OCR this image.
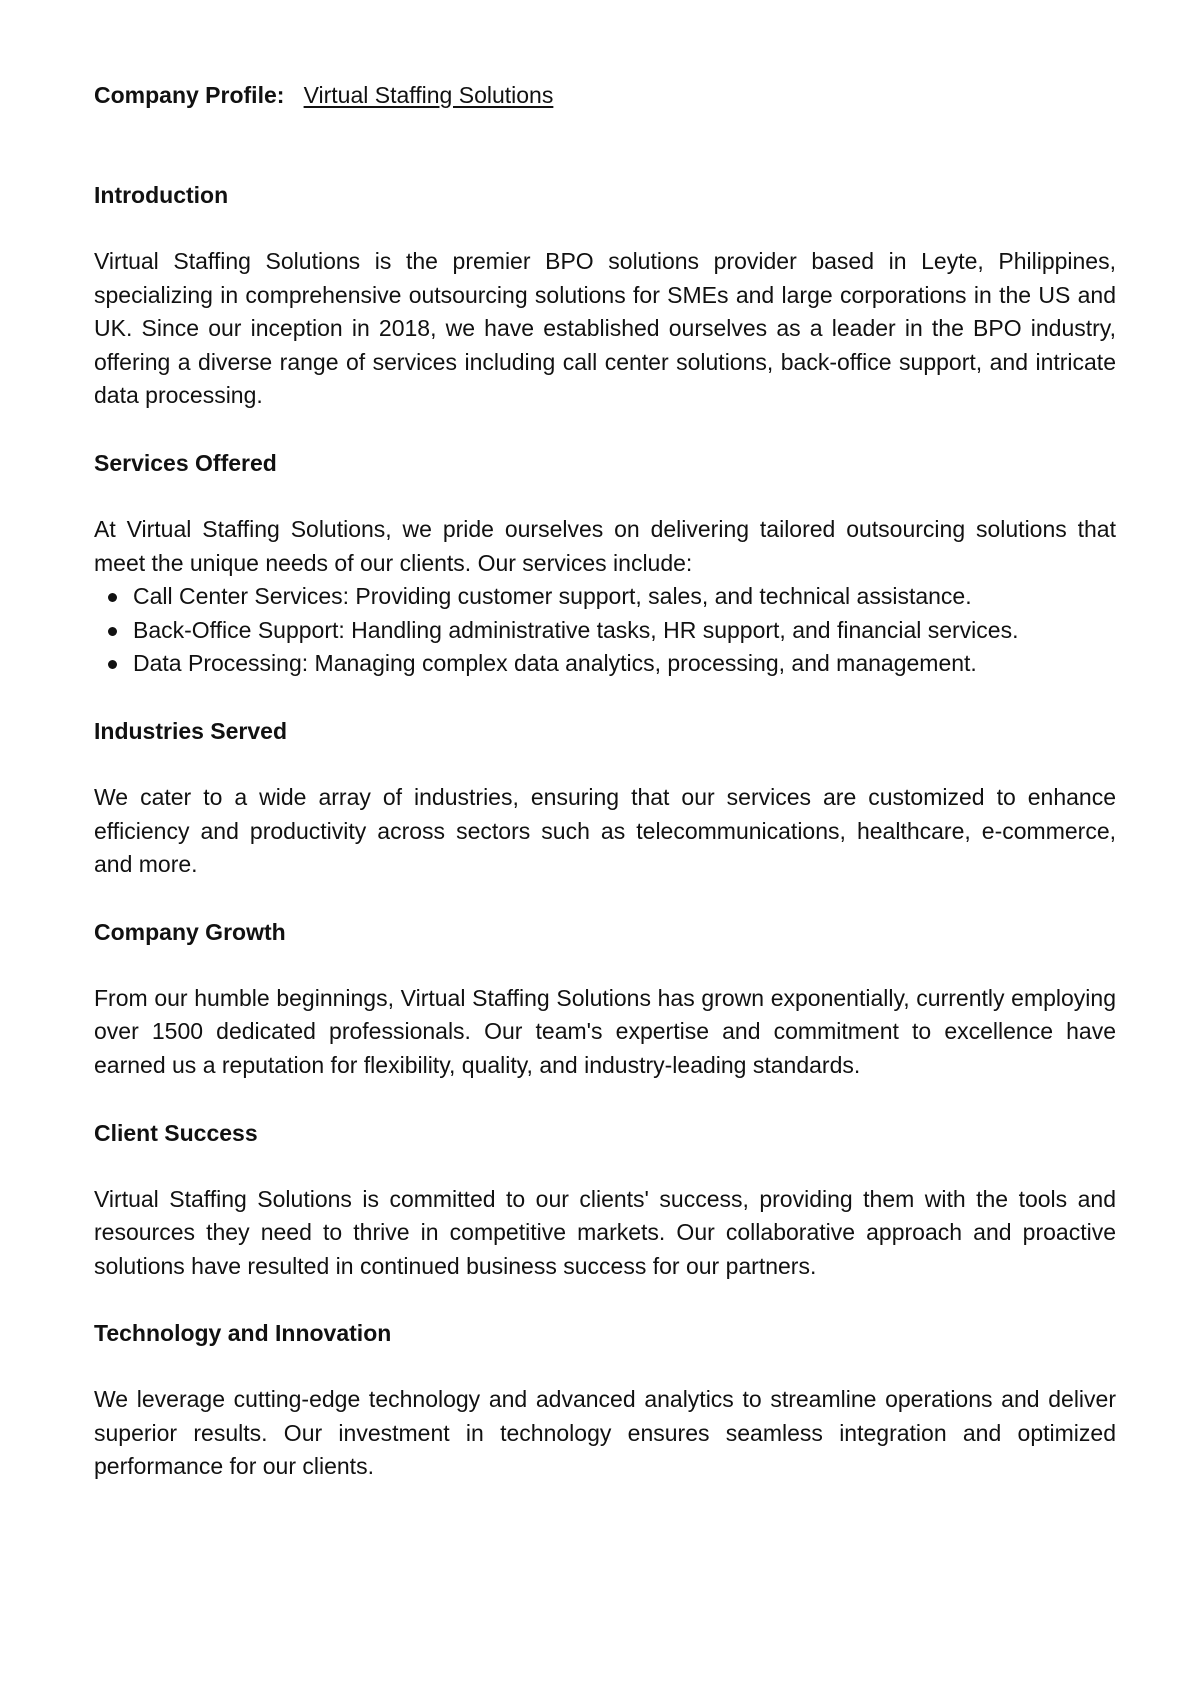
Company Profile: Virtual Staffing Solutions
Introduction

Virtual Staffing Solutions is the premier BPO solutions provider based in Leyte, Philippines, specializing in comprehensive outsourcing solutions for SMEs and large corporations in the US and UK. Since our inception in 2018, we have established ourselves as a leader in the BPO industry, offering a diverse range of services including call center solutions, back-office support, and intricate data processing.

Services Offered

At Virtual Staffing Solutions, we pride ourselves on delivering tailored outsourcing solutions that meet the unique needs of our clients. Our services include:

Call Center Services: Providing customer support, sales, and technical assistance.
Back-Office Support: Handling administrative tasks, HR support, and financial services.
Data Processing: Managing complex data analytics, processing, and management.
Industries Served

We cater to a wide array of industries, ensuring that our services are customized to enhance efficiency and productivity across sectors such as telecommunications, healthcare, e-commerce, and more.

Company Growth

From our humble beginnings, Virtual Staffing Solutions has grown exponentially, currently employing over 1500 dedicated professionals. Our team's expertise and commitment to excellence have earned us a reputation for flexibility, quality, and industry-leading standards.

Client Success

Virtual Staffing Solutions is committed to our clients' success, providing them with the tools and resources they need to thrive in competitive markets. Our collaborative approach and proactive solutions have resulted in continued business success for our partners.

Technology and Innovation

We leverage cutting-edge technology and advanced analytics to streamline operations and deliver superior results. Our investment in technology ensures seamless integration and optimized performance for our clients.
